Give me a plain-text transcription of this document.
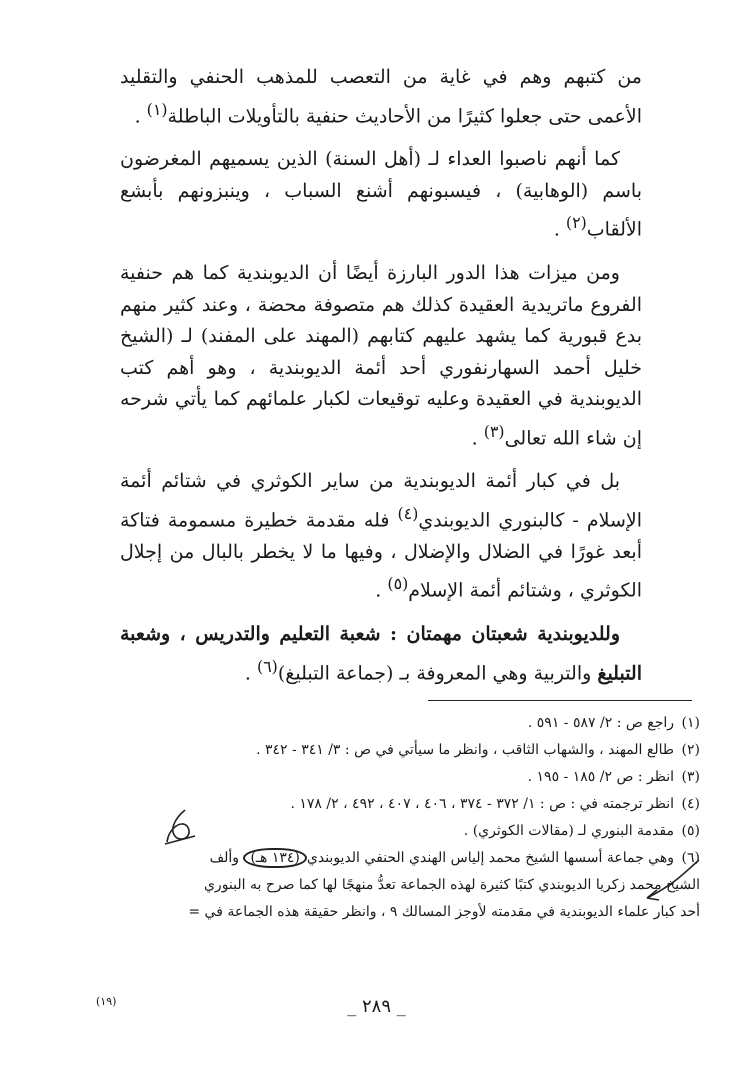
من كتبهم وهم في غاية من التعصب للمذهب الحنفي والتقليد الأعمى حتى جعلوا كثيرًا من الأحاديث حنفية بالتأويلات الباطلة$^{(١)}$ .

كما أنهم ناصبوا العداء لـ (أهل السنة) الذين يسميهم المغرضون باسم (الوهابية) ، فيسبونهم أشنع السباب ، وينبزونهم بأبشع الألقاب$^{(٢)}$ .

ومن ميزات هذا الدور البارزة أيضًا أن الديوبندية كما هم حنفية الفروع ماتريدية العقيدة كذلك هم متصوفة محضة ، وعند كثير منهم بدع قبورية كما يشهد عليهم كتابهم (المهند على المفند) لـ (الشيخ خليل أحمد السهارنفوري أحد أئمة الديوبندية ، وهو أهم كتب الديوبندية في العقيدة وعليه توقيعات لكبار علمائهم كما يأتي شرحه إن شاء الله تعالى$^{(٣)}$ .

بل في كبار أئمة الديوبندية من ساير الكوثري في شتائم أئمة الإسلام - كالبنوري الديوبندي$^{(٤)}$ فله مقدمة خطيرة مسمومة فتاكة أبعد غورًا في الضلال والإضلال ، وفيها ما لا يخطر بالبال من إجلال الكوثري ، وشتائم أئمة الإسلام$^{(٥)}$ .

وللديوبندية شعبتان مهمتان : شعبة التعليم والتدريس ، وشعبة التبليغ والتربية وهي المعروفة بـ (جماعة التبليغ)$^{(٦)}$ .

(١)راجع ص : ٢/ ٥٨٧ - ٥٩١ .
(٢)طالع المهند ، والشهاب الثاقب ، وانظر ما سيأتي في ص : ٣/ ٣٤١ - ٣٤٢ .
(٣)انظر : ص ٢/ ١٨٥ - ١٩٥ .
(٤)انظر ترجمته في : ص : ١/ ٣٧٢ - ٣٧٤ ، ٤٠٦ ، ٤٠٧ ، ٤٩٢ ، ٢/ ١٧٨ .
(٥)مقدمة البنوري لـ (مقالات الكوثري) .
(٦)وهي جماعة أسسها الشيخ محمد إلياس الهندي الحنفي الديوبندي(١٣٤ هـ) وألف
الشيخ محمد زكريا الديوبندي كتبًا كثيرة لهذه الجماعة تعدُّ منهجًا لها كما صرح به البنوري
أحد كبار علماء الديوبندية في مقدمته لأوجز المسالك ٩ ، وانظر حقيقة هذه الجماعة في =
(١٩)	_ ٢٨٩ _
